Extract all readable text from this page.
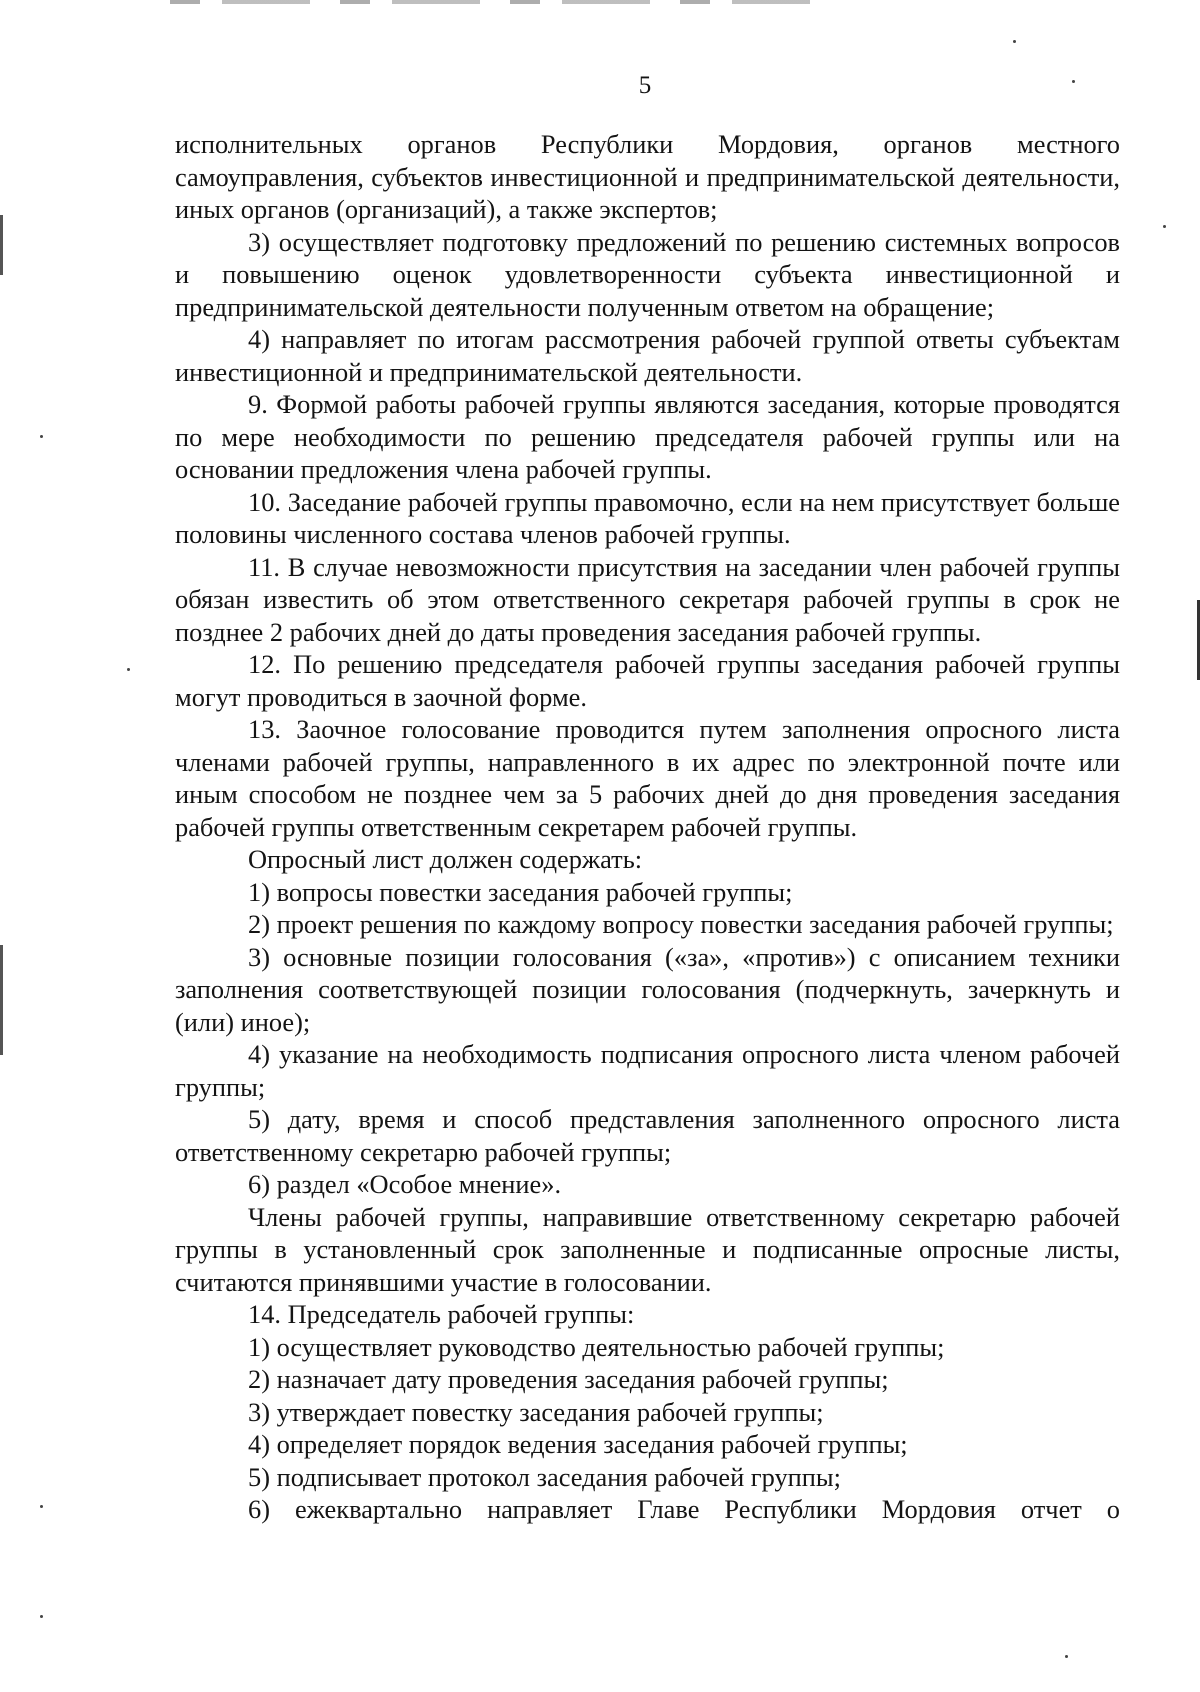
5

исполнительных органов Республики Мордовия, органов местного самоуправления, субъектов инвестиционной и предпринимательской деятельности, иных органов (организаций), а также экспертов;

3) осуществляет подготовку предложений по решению системных вопросов и повышению оценок удовлетворенности субъекта инвестиционной и предпринимательской деятельности полученным ответом на обращение;

4) направляет по итогам рассмотрения рабочей группой ответы субъектам инвестиционной и предпринимательской деятельности.

9. Формой работы рабочей группы являются заседания, которые проводятся по мере необходимости по решению председателя рабочей группы или на основании предложения члена рабочей группы.

10. Заседание рабочей группы правомочно, если на нем присутствует больше половины численного состава членов рабочей группы.

11. В случае невозможности присутствия на заседании член рабочей группы обязан известить об этом ответственного секретаря рабочей группы в срок не позднее 2 рабочих дней до даты проведения заседания рабочей группы.

12. По решению председателя рабочей группы заседания рабочей группы могут проводиться в заочной форме.

13. Заочное голосование проводится путем заполнения опросного листа членами рабочей группы, направленного в их адрес по электронной почте или иным способом не позднее чем за 5 рабочих дней до дня проведения заседания рабочей группы ответственным секретарем рабочей группы.

Опросный лист должен содержать:

1) вопросы повестки заседания рабочей группы;

2) проект решения по каждому вопросу повестки заседания рабочей группы;

3) основные позиции голосования («за», «против») с описанием техники заполнения соответствующей позиции голосования (подчеркнуть, зачеркнуть и (или) иное);

4) указание на необходимость подписания опросного листа членом рабочей группы;

5) дату, время и способ представления заполненного опросного листа ответственному секретарю рабочей группы;

6) раздел «Особое мнение».

Члены рабочей группы, направившие ответственному секретарю рабочей группы в установленный срок заполненные и подписанные опросные листы, считаются принявшими участие в голосовании.

14. Председатель рабочей группы:

1) осуществляет руководство деятельностью рабочей группы;

2) назначает дату проведения заседания рабочей группы;

3) утверждает повестку заседания рабочей группы;

4) определяет порядок ведения заседания рабочей группы;

5) подписывает протокол заседания рабочей группы;

6) ежеквартально направляет Главе Республики Мордовия отчет о
